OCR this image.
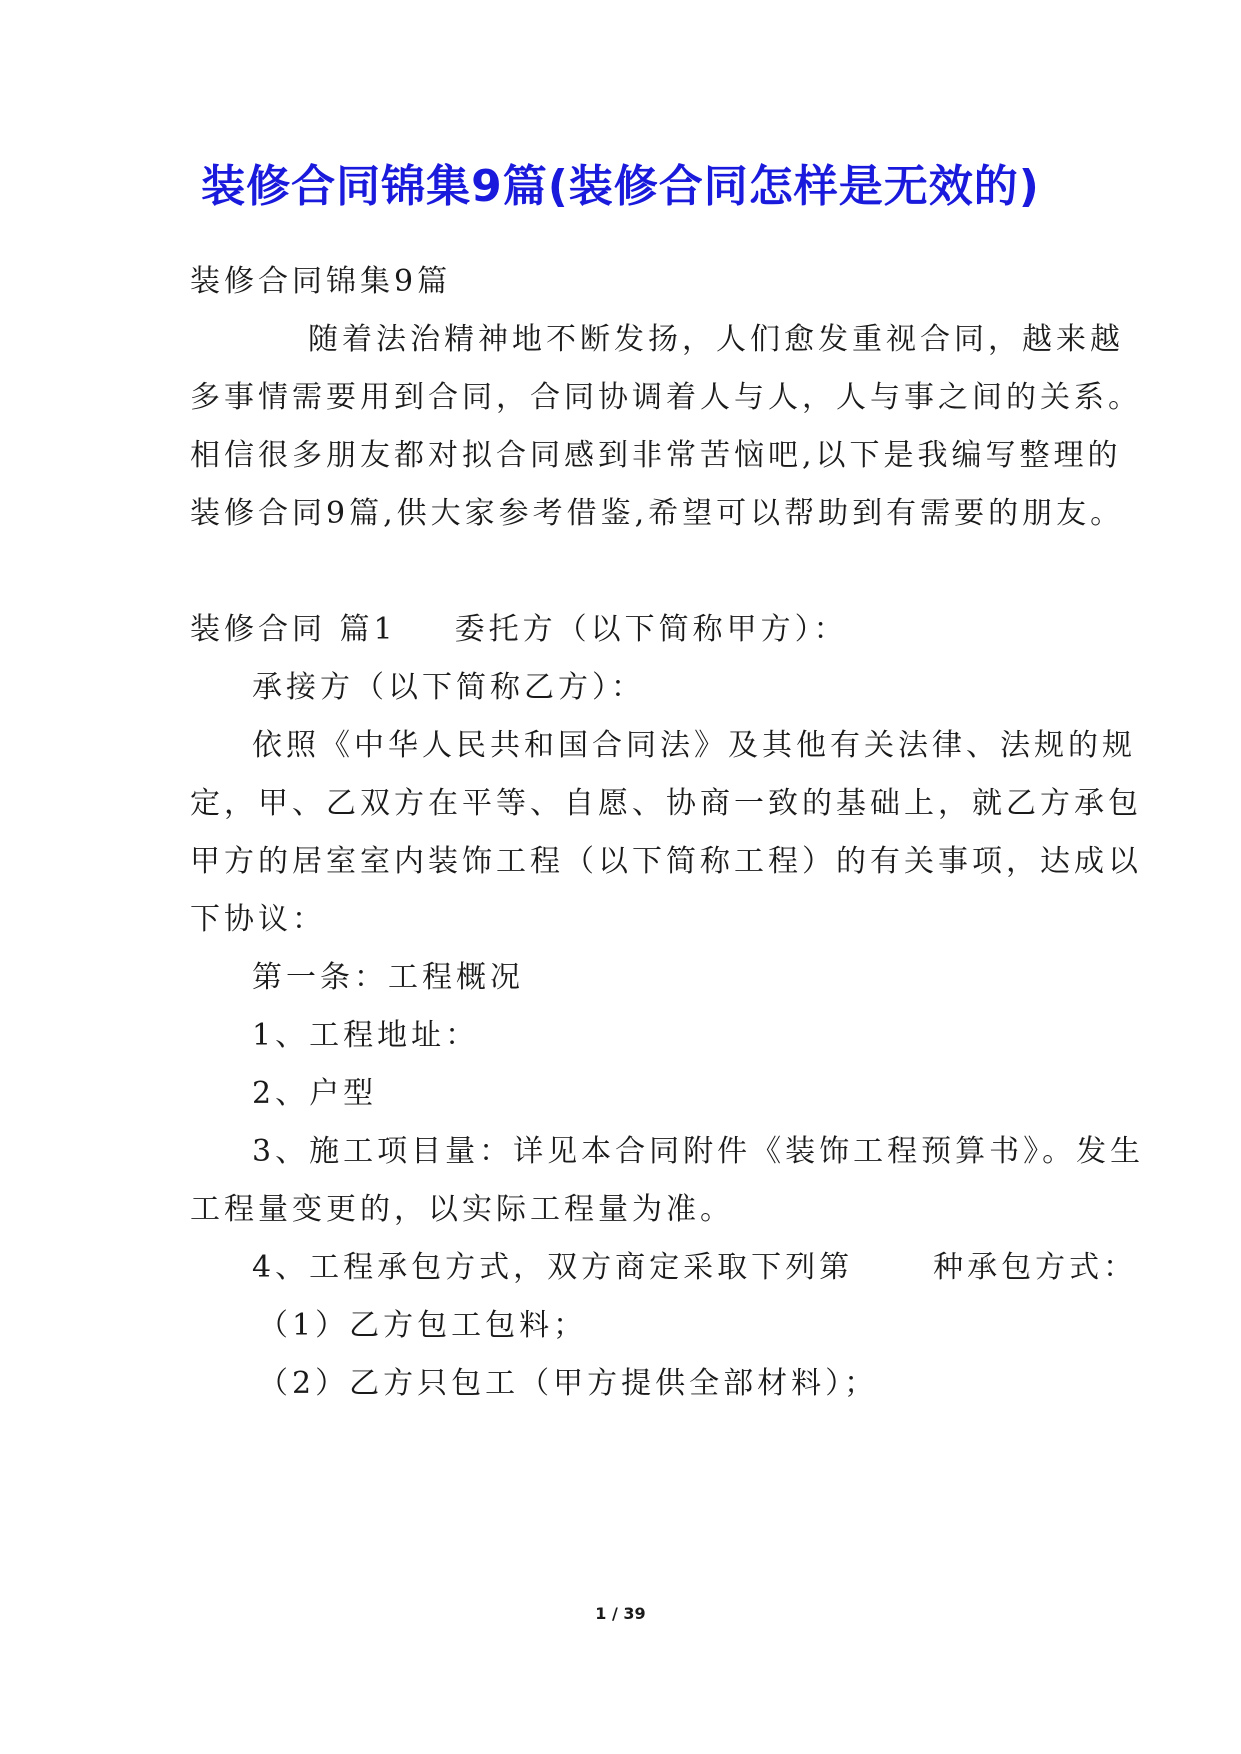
装修合同锦集9篇(装修合同怎样是无效的)

装修合同锦集9篇

随着法治精神地不断发扬，人们愈发重视合同，越来越

多事情需要用到合同，合同协调着人与人，人与事之间的关系。

相信很多朋友都对拟合同感到非常苦恼吧,以下是我编写整理的

装修合同9篇,供大家参考借鉴,希望可以帮助到有需要的朋友。

装修合同 篇1 委托方（以下简称甲方）：

承接方（以下简称乙方）：

依照《中华人民共和国合同法》及其他有关法律、法规的规

定，甲、乙双方在平等、自愿、协商一致的基础上，就乙方承包

甲方的居室室内装饰工程（以下简称工程）的有关事项，达成以

下协议：

第一条：工程概况

1、工程地址：

2、户型

3、施工项目量：详见本合同附件《装饰工程预算书》。发生

工程量变更的，以实际工程量为准。

4、工程承包方式，双方商定采取下列第	种承包方式：

（1）乙方包工包料；

（2）乙方只包工（甲方提供全部材料）；

1 / 39
